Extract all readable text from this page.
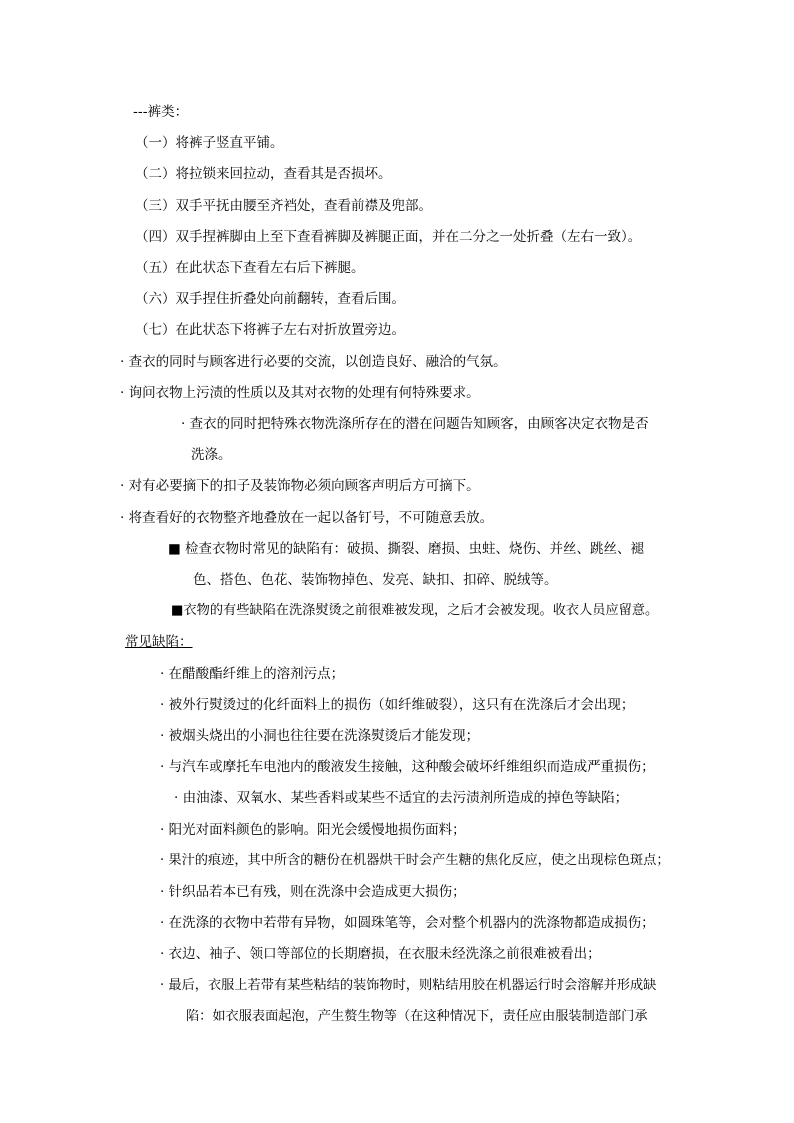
---裤类：
（一）将裤子竖直平铺。
（二）将拉锁来回拉动，查看其是否损坏。
（三）双手平抚由腰至齐裆处，查看前襟及兜部。
（四）双手捏裤脚由上至下查看裤脚及裤腿正面，并在二分之一处折叠（左右一致）。
（五）在此状态下查看左右后下裤腿。
（六）双手捏住折叠处向前翻转，查看后围。
（七）在此状态下将裤子左右对折放置旁边。
· 查衣的同时与顾客进行必要的交流，以创造良好、融洽的气氛。
· 询问衣物上污渍的性质以及其对衣物的处理有何特殊要求。
· 查衣的同时把特殊衣物洗涤所存在的潜在问题告知顾客，由顾客决定衣物是否
洗涤。
· 对有必要摘下的扣子及装饰物必须向顾客声明后方可摘下。
· 将查看好的衣物整齐地叠放在一起以备钉号，不可随意丢放。
■ 检查衣物时常见的缺陷有：破损、撕裂、磨损、虫蛀、烧伤、并丝、跳丝、褪
色、搭色、色花、装饰物掉色、发亮、缺扣、扣碎、脱绒等。
■衣物的有些缺陷在洗涤熨烫之前很难被发现，之后才会被发现。收衣人员应留意。
常见缺陷：
· 在醋酸酯纤维上的溶剂污点；
· 被外行熨烫过的化纤面料上的损伤（如纤维破裂），这只有在洗涤后才会出现；
· 被烟头烧出的小洞也往往要在洗涤熨烫后才能发现；
· 与汽车或摩托车电池内的酸液发生接触，这种酸会破坏纤维组织而造成严重损伤；
· 由油漆、双氧水、某些香料或某些不适宜的去污渍剂所造成的掉色等缺陷；
· 阳光对面料颜色的影响。阳光会缓慢地损伤面料；
· 果汁的痕迹，其中所含的糖份在机器烘干时会产生糖的焦化反应，使之出现棕色斑点；
· 针织品若本已有残，则在洗涤中会造成更大损伤；
· 在洗涤的衣物中若带有异物，如圆珠笔等，会对整个机器内的洗涤物都造成损伤；
· 衣边、袖子、领口等部位的长期磨损，在衣服未经洗涤之前很难被看出；
· 最后，衣服上若带有某些粘结的装饰物时，则粘结用胶在机器运行时会溶解并形成缺
陷：如衣服表面起泡，产生赘生物等（在这种情况下，责任应由服装制造部门承
